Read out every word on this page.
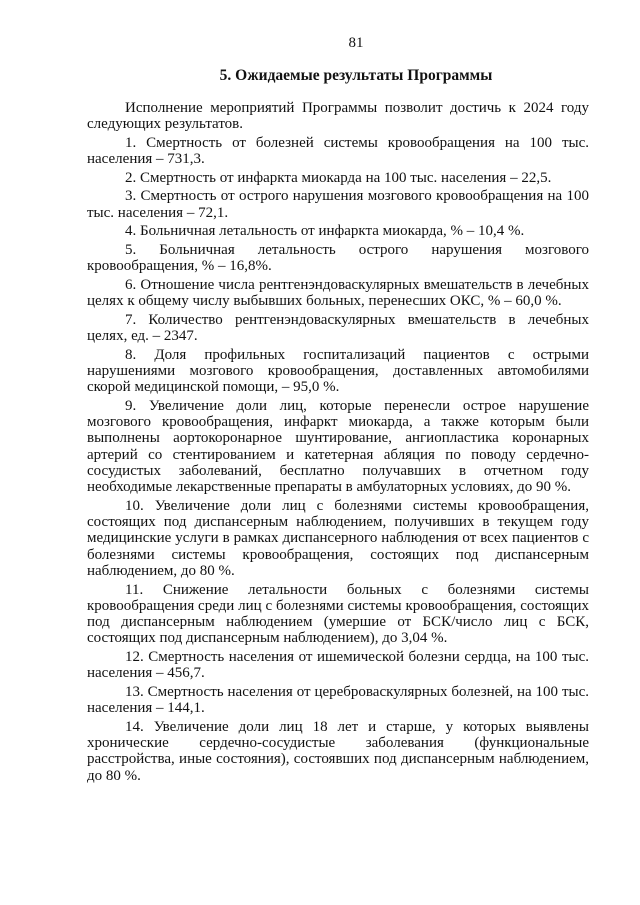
81
5. Ожидаемые результаты Программы

Исполнение мероприятий Программы позволит достичь к 2024 году следующих результатов.

1. Смертность от болезней системы кровообращения на 100 тыс. населения – 731,3.

2. Смертность от инфаркта миокарда на 100 тыс. населения – 22,5.

3. Смертность от острого нарушения мозгового кровообращения на 100 тыс. населения – 72,1.

4. Больничная летальность от инфаркта миокарда, % – 10,4 %.

5. Больничная летальность острого нарушения мозгового кровообращения, % – 16,8%.

6. Отношение числа рентгенэндоваскулярных вмешательств в лечебных целях к общему числу выбывших больных, перенесших ОКС, % – 60,0 %.

7. Количество рентгенэндоваскулярных вмешательств в лечебных целях, ед. – 2347.

8. Доля профильных госпитализаций пациентов с острыми нарушениями мозгового кровообращения, доставленных автомобилями скорой медицинской помощи, – 95,0 %.

9. Увеличение доли лиц, которые перенесли острое нарушение мозгового кровообращения, инфаркт миокарда, а также которым были выполнены аортокоронарное шунтирование, ангиопластика коронарных артерий со стентированием и катетерная абляция по поводу сердечно-сосудистых заболеваний, бесплатно получавших в отчетном году необходимые лекарственные препараты в амбулаторных условиях, до 90 %.

10. Увеличение доли лиц с болезнями системы кровообращения, состоящих под диспансерным наблюдением, получивших в текущем году медицинские услуги в рамках диспансерного наблюдения от всех пациентов с болезнями системы кровообращения, состоящих под диспансерным наблюдением, до 80 %.

11. Снижение летальности больных с болезнями системы кровообращения среди лиц с болезнями системы кровообращения, состоящих под диспансерным наблюдением (умершие от БСК/число лиц с БСК, состоящих под диспансерным наблюдением), до 3,04 %.

12. Смертность населения от ишемической болезни сердца, на 100 тыс. населения – 456,7.

13. Смертность населения от цереброваскулярных болезней, на 100 тыс. населения – 144,1.

14. Увеличение доли лиц 18 лет и старше, у которых выявлены хронические сердечно-сосудистые заболевания (функциональные расстройства, иные состояния), состоявших под диспансерным наблюдением, до 80 %.
